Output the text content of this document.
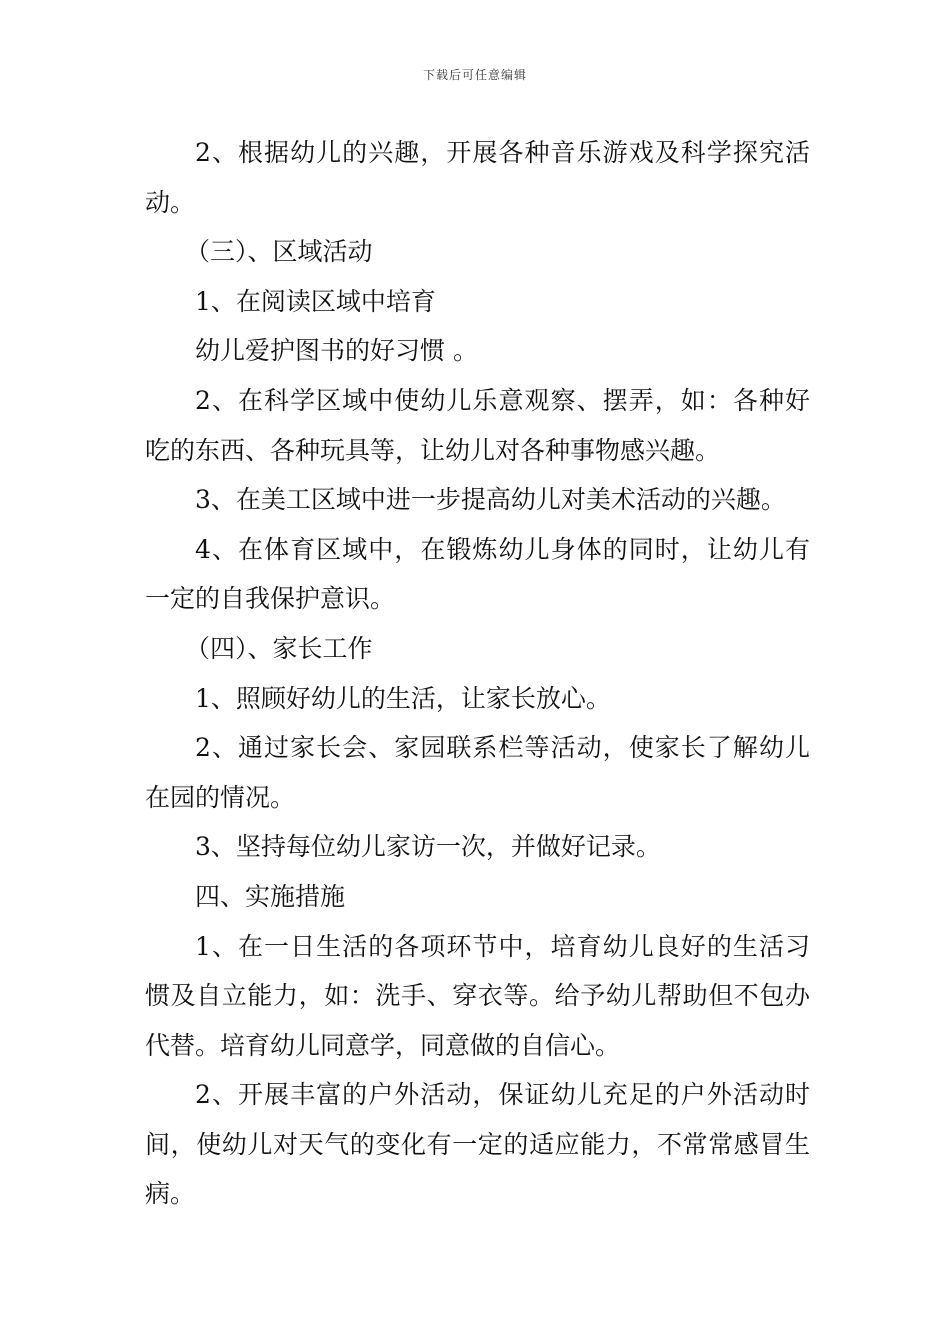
下载后可任意编辑

2、根据幼儿的兴趣，开展各种音乐游戏及科学探究活动。

（三）、区域活动

1、在阅读区域中培育

幼儿爱护图书的好习惯 。

2、在科学区域中使幼儿乐意观察、摆弄，如：各种好吃的东西、各种玩具等，让幼儿对各种事物感兴趣。

3、在美工区域中进一步提高幼儿对美术活动的兴趣。

4、在体育区域中，在锻炼幼儿身体的同时，让幼儿有一定的自我保护意识。

（四）、家长工作

1、照顾好幼儿的生活，让家长放心。

2、通过家长会、家园联系栏等活动，使家长了解幼儿在园的情况。

3、坚持每位幼儿家访一次，并做好记录。

四、实施措施

1、在一日生活的各项环节中，培育幼儿良好的生活习惯及自立能力，如：洗手、穿衣等。给予幼儿帮助但不包办代替。培育幼儿同意学，同意做的自信心。

2、开展丰富的户外活动，保证幼儿充足的户外活动时间，使幼儿对天气的变化有一定的适应能力，不常常感冒生病。
